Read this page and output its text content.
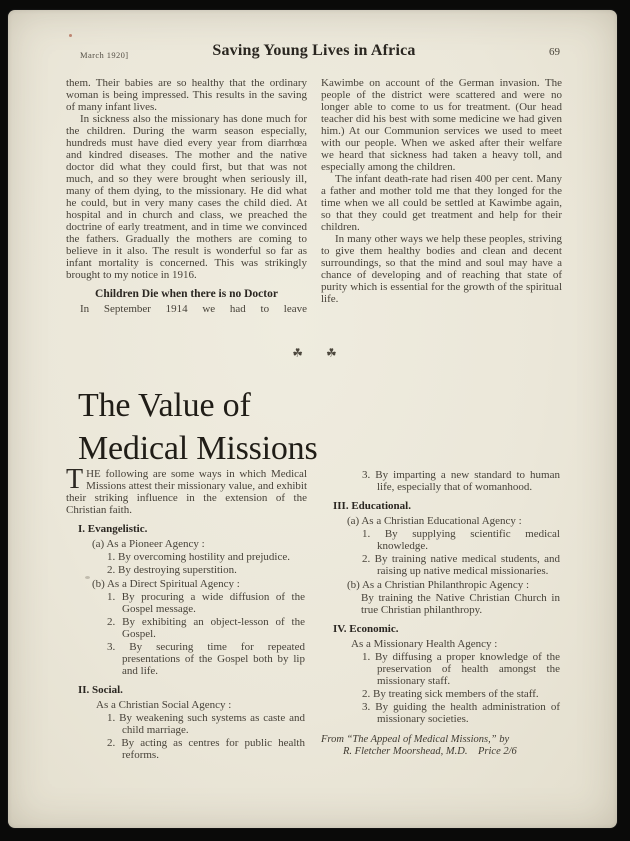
March 1920]	Saving Young Lives in Africa	69

them. Their babies are so healthy that the ordinary woman is being impressed. This results in the saving of many infant lives.

In sickness also the missionary has done much for the children. During the warm season especially, hundreds must have died every year from diarrhœa and kindred diseases. The mother and the native doctor did what they could first, but that was not much, and so they were brought when seriously ill, many of them dying, to the missionary. He did what he could, but in very many cases the child died. At hospital and in church and class, we preached the doctrine of early treatment, and in time we convinced the fathers. Gradually the mothers are coming to believe in it also. The result is wonderful so far as infant mortality is concerned. This was strikingly brought to my notice in 1916.

Children Die when there is no Doctor

In September 1914 we had to leave

Kawimbe on account of the German invasion. The people of the district were scattered and were no longer able to come to us for treatment. (Our head teacher did his best with some medicine we had given him.) At our Communion services we used to meet with our people. When we asked after their welfare we heard that sickness had taken a heavy toll, and especially among the children.

The infant death-rate had risen 400 per cent. Many a father and mother told me that they longed for the time when we all could be settled at Kawimbe again, so that they could get treatment and help for their children.

In many other ways we help these peoples, striving to give them healthy bodies and clean and decent surroundings, so that the mind and soul may have a chance of developing and of reaching that state of purity which is essential for the growth of the spiritual life.

☘ ☘
The Value of
Medical Missions

THE following are some ways in which Medical Missions attest their missionary value, and exhibit their striking influence in the extension of the Christian faith.

I. Evangelistic.
(a) As a Pioneer Agency :
1. By overcoming hostility and prejudice.
2. By destroying superstition.
(b) As a Direct Spiritual Agency :
1. By procuring a wide diffusion of the Gospel message.
2. By exhibiting an object-lesson of the Gospel.
3. By securing time for repeated presentations of the Gospel both by lip and life.
II. Social.
As a Christian Social Agency :
1. By weakening such systems as caste and child marriage.
2. By acting as centres for public health reforms.
3. By imparting a new standard to human life, especially that of womanhood.
III. Educational.
(a) As a Christian Educational Agency :
1. By supplying scientific medical knowledge.
2. By training native medical students, and raising up native medical missionaries.
(b) As a Christian Philanthropic Agency :
By training the Native Christian Church in true Christian philanthropy.
IV. Economic.
As a Missionary Health Agency :
1. By diffusing a proper knowledge of the preservation of health amongst the missionary staff.
2. By treating sick members of the staff.
3. By guiding the health administration of missionary societies.
From “The Appeal of Medical Missions,” by
R. Fletcher Moorshead, M.D. Price 2/6
